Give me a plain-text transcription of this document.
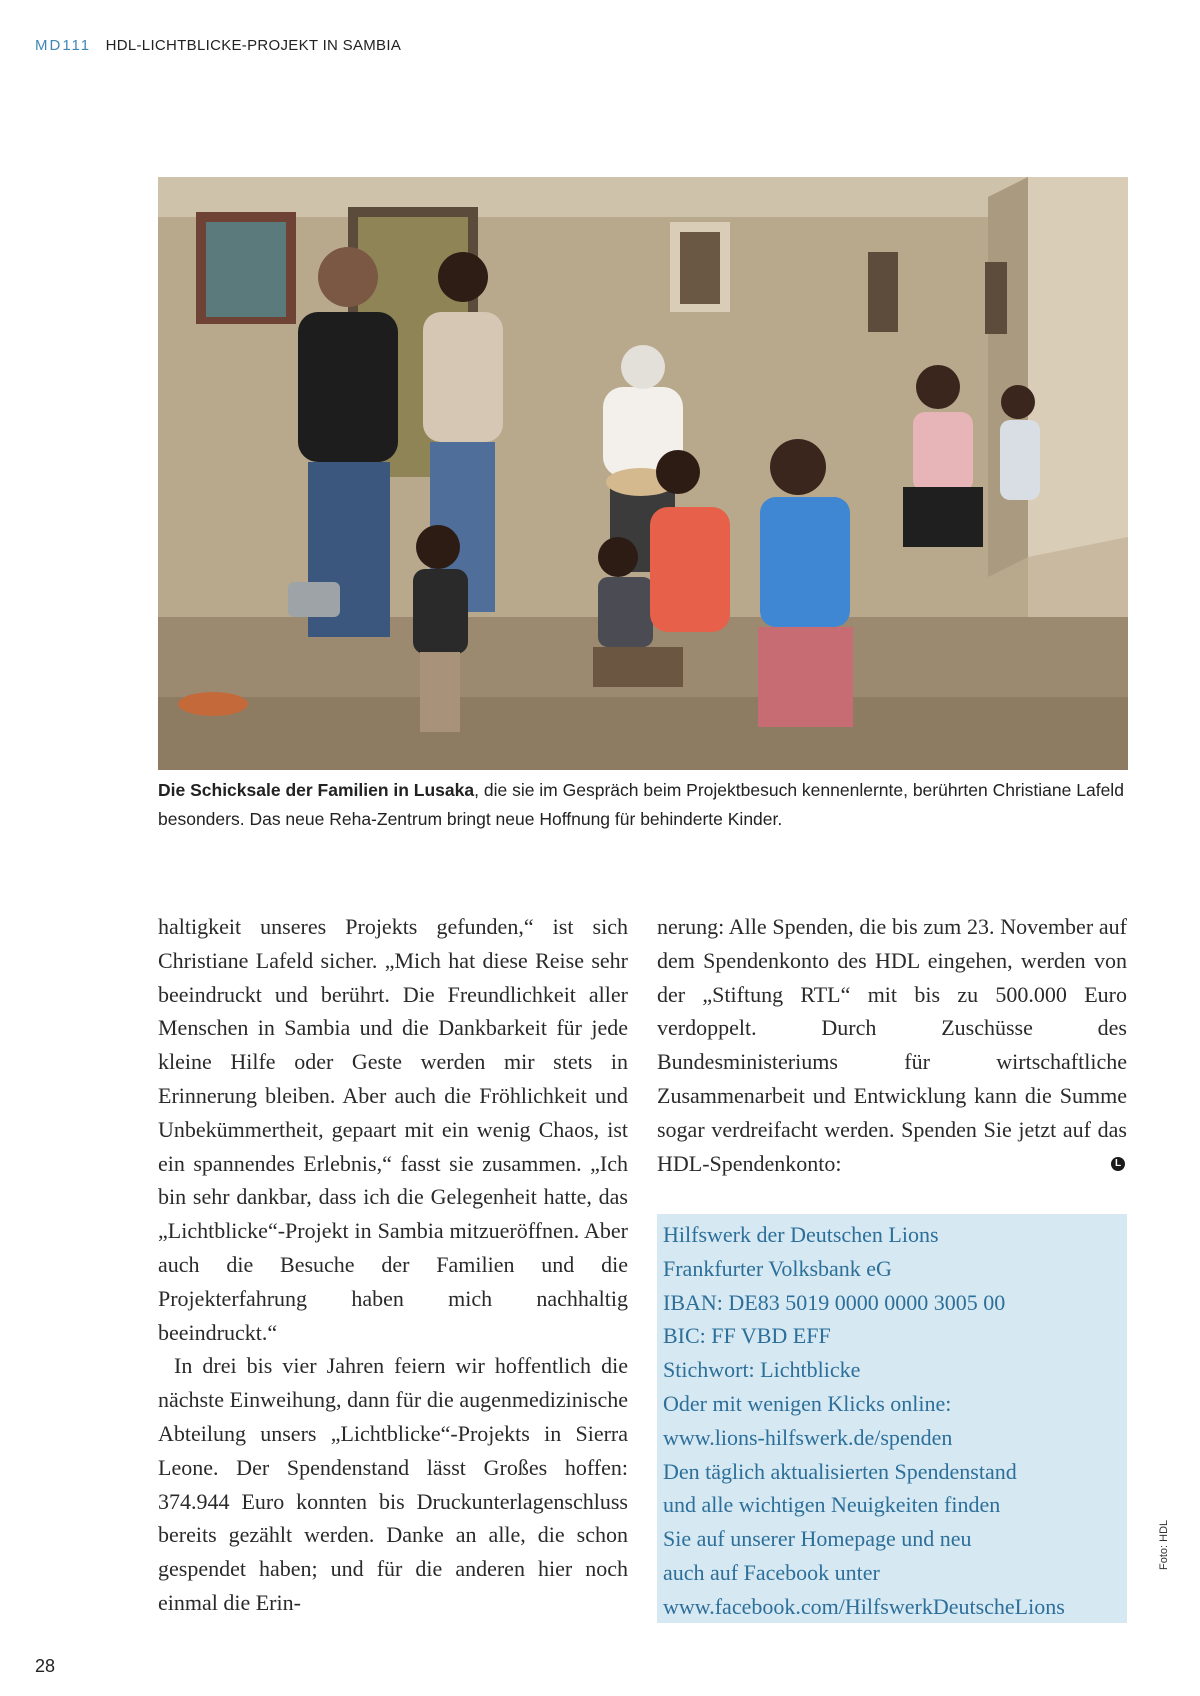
MD111 HDL-LICHTBLICKE-PROJEKT IN SAMBIA
Die Schicksale der Familien in Lusaka, die sie im Gespräch beim Projektbesuch kennenlernte, berührten Christiane Lafeld besonders. Das neue Reha-Zentrum bringt neue Hoffnung für behinderte Kinder.

haltigkeit unseres Projekts gefunden,“ ist sich Christiane Lafeld sicher. „Mich hat diese Reise sehr beeindruckt und berührt. Die Freundlichkeit aller Menschen in Sambia und die Dankbarkeit für jede kleine Hilfe oder Geste werden mir stets in Erinnerung bleiben. Aber auch die Fröhlichkeit und Unbekümmertheit, gepaart mit ein wenig Chaos, ist ein spannendes Erlebnis,“ fasst sie zusammen. „Ich bin sehr dankbar, dass ich die Gelegenheit hatte, das „Lichtblicke“-Projekt in Sambia mitzueröffnen. Aber auch die Besuche der Familien und die Projekterfahrung haben mich nachhaltig beeindruckt.“

In drei bis vier Jahren feiern wir hoffentlich die nächste Einweihung, dann für die augenmedizinische Abteilung unsers „Lichtblicke“-Projekts in Sierra Leone. Der Spendenstand lässt Großes hoffen: 374.944 Euro konnten bis Druckunterlagenschluss bereits gezählt werden. Danke an alle, die schon gespendet haben; und für die anderen hier noch einmal die Erin-

nerung: Alle Spenden, die bis zum 23. November auf dem Spendenkonto des HDL eingehen, werden von der „Stiftung RTL“ mit bis zu 500.000 Euro verdoppelt. Durch Zuschüsse des Bundesministeriums für wirtschaftliche Zusammenarbeit und Entwicklung kann die Summe sogar verdreifacht werden. Spenden Sie jetzt auf das HDL-Spendenkonto:	L

Hilfswerk der Deutschen Lions
Frankfurter Volksbank eG
IBAN: DE83 5019 0000 0000 3005 00
BIC: FF VBD EFF
Stichwort: Lichtblicke
Oder mit wenigen Klicks online:
www.lions-hilfswerk.de/spenden
Den täglich aktualisierten Spendenstand
und alle wichtigen Neuigkeiten finden
Sie auf unserer Homepage und neu
auch auf Facebook unter
www.facebook.com/HilfswerkDeutscheLions
Foto: HDL
28
